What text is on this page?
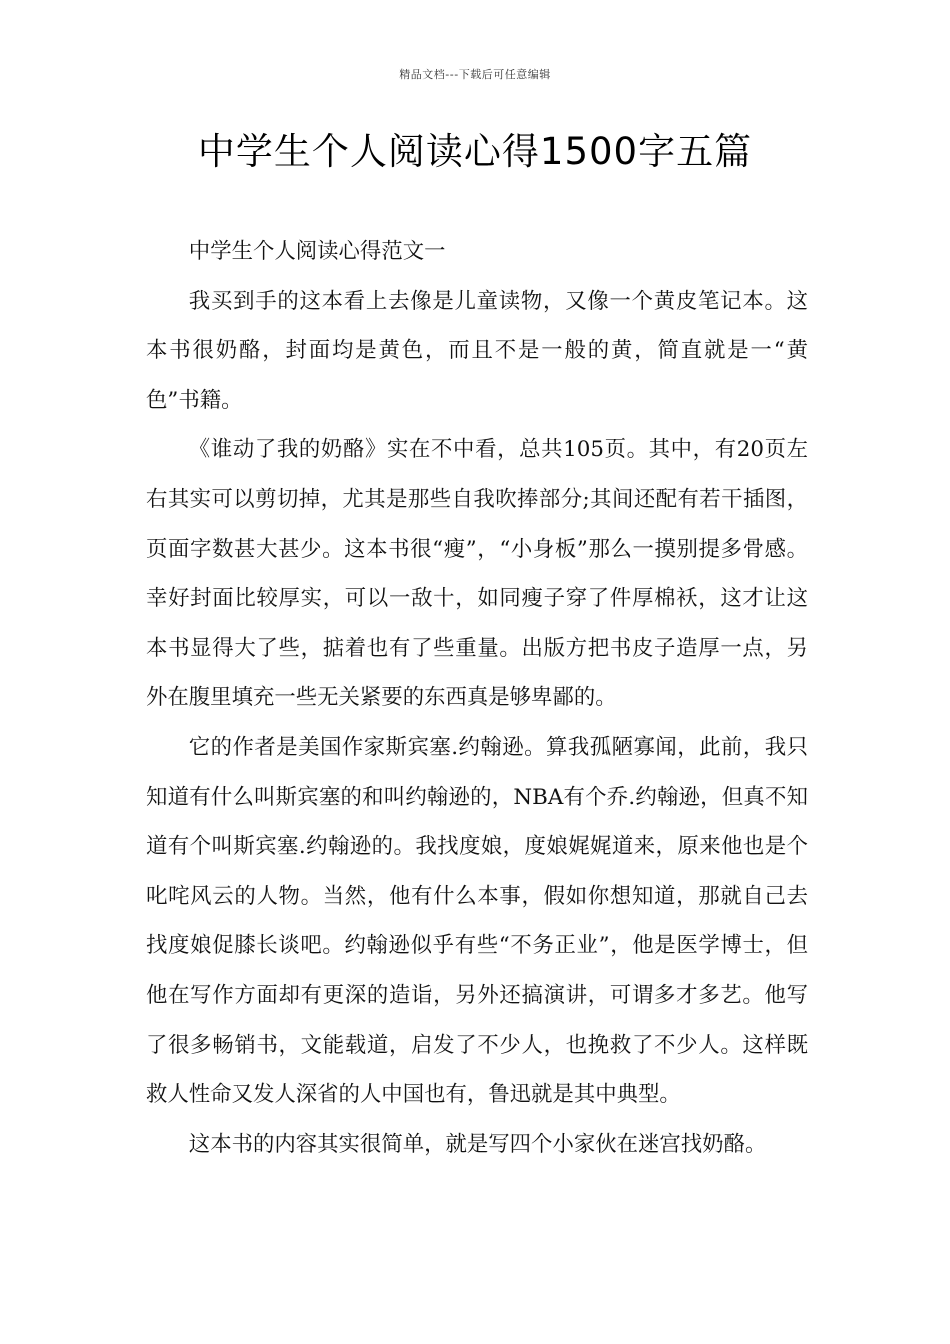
精品文档---下载后可任意编辑
中学生个人阅读心得1500字五篇

中学生个人阅读心得范文一

我买到手的这本看上去像是儿童读物，又像一个黄皮笔记本。这本书很奶酪，封面均是黄色，而且不是一般的黄，简直就是一“黄色”书籍。

《谁动了我的奶酪》实在不中看，总共105页。其中，有20页左右其实可以剪切掉，尤其是那些自我吹捧部分;其间还配有若干插图，页面字数甚大甚少。这本书很“瘦”，“小身板”那么一摸别提多骨感。幸好封面比较厚实，可以一敌十，如同瘦子穿了件厚棉袄，这才让这本书显得大了些，掂着也有了些重量。出版方把书皮子造厚一点，另外在腹里填充一些无关紧要的东西真是够卑鄙的。

它的作者是美国作家斯宾塞.约翰逊。算我孤陋寡闻，此前，我只知道有什么叫斯宾塞的和叫约翰逊的，NBA有个乔.约翰逊，但真不知道有个叫斯宾塞.约翰逊的。我找度娘，度娘娓娓道来，原来他也是个叱咤风云的人物。当然，他有什么本事，假如你想知道，那就自己去找度娘促膝长谈吧。约翰逊似乎有些“不务正业”，他是医学博士，但他在写作方面却有更深的造诣，另外还搞演讲，可谓多才多艺。他写了很多畅销书，文能载道，启发了不少人，也挽救了不少人。这样既救人性命又发人深省的人中国也有，鲁迅就是其中典型。

这本书的内容其实很简单，就是写四个小家伙在迷宫找奶酪。
